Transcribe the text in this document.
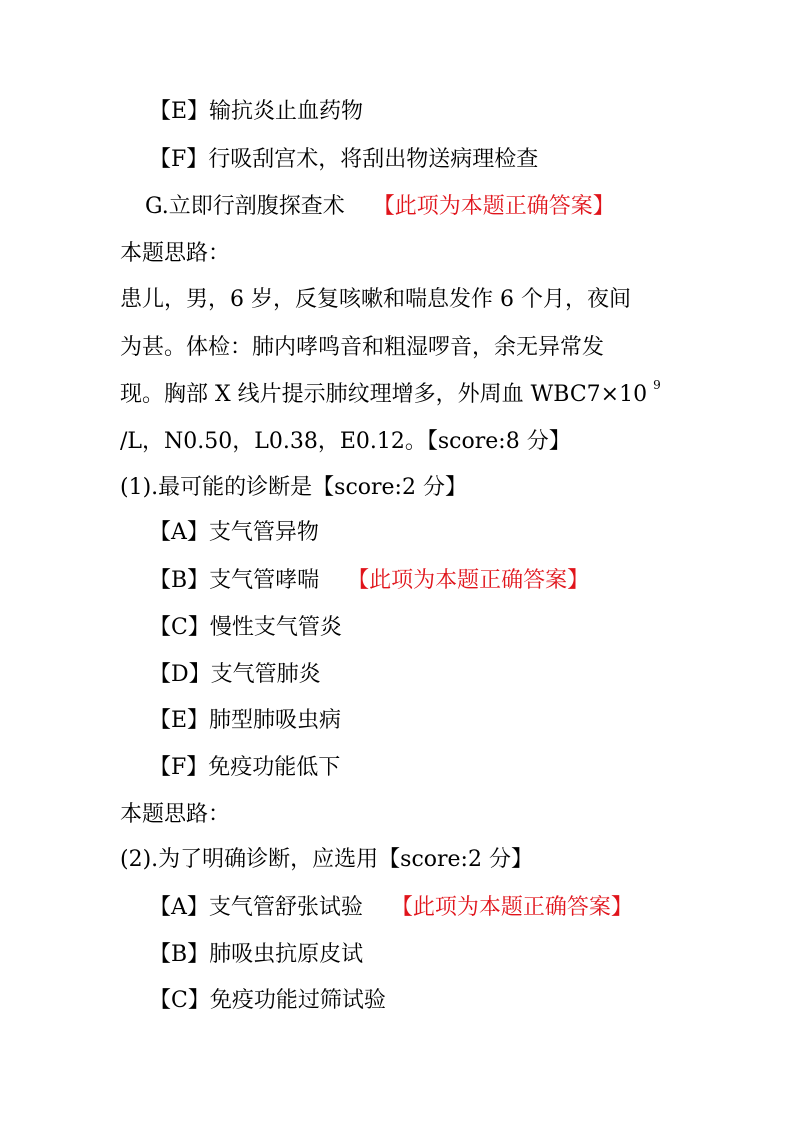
【E】输抗炎止血药物
【F】行吸刮宫术，将刮出物送病理检查
G.立即行剖腹探查术 【此项为本题正确答案】
本题思路：
患儿，男，6 岁，反复咳嗽和喘息发作 6 个月，夜间
为甚。体检：肺内哮鸣音和粗湿啰音，余无异常发
现。胸部 X 线片提示肺纹理增多，外周血 WBC7×10 $^9$
/L，N0.50，L0.38，E0.12。【score:8 分】
(1).最可能的诊断是【score:2 分】
【A】支气管异物
【B】支气管哮喘 【此项为本题正确答案】
【C】慢性支气管炎
【D】支气管肺炎
【E】肺型肺吸虫病
【F】免疫功能低下
本题思路：
(2).为了明确诊断，应选用【score:2 分】
【A】支气管舒张试验 【此项为本题正确答案】
【B】肺吸虫抗原皮试
【C】免疫功能过筛试验
